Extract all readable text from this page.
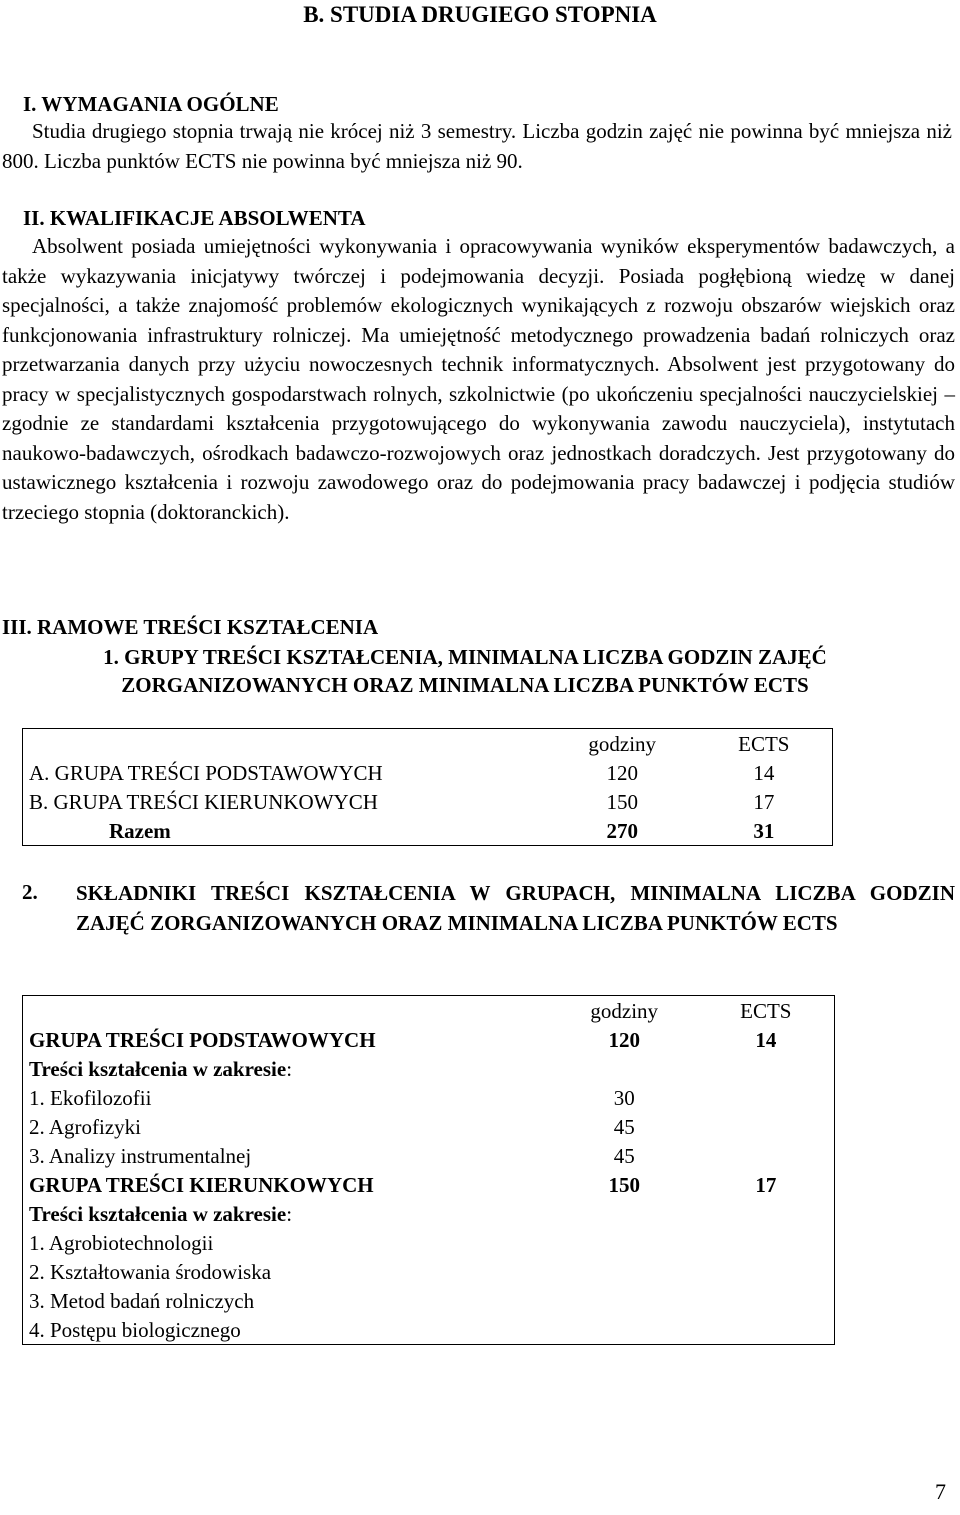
B. STUDIA DRUGIEGO STOPNIA
I. WYMAGANIA OGÓLNE
Studia drugiego stopnia trwają nie krócej niż 3 semestry. Liczba godzin zajęć nie powinna być mniejsza niż 800. Liczba punktów ECTS nie powinna być mniejsza niż 90.
II. KWALIFIKACJE ABSOLWENTA
Absolwent posiada umiejętności wykonywania i opracowywania wyników eksperymentów badawczych, a także wykazywania inicjatywy twórczej i podejmowania decyzji. Posiada pogłębioną wiedzę w danej specjalności, a także znajomość problemów ekologicznych wynikających z rozwoju obszarów wiejskich oraz funkcjonowania infrastruktury rolniczej. Ma umiejętność metodycznego prowadzenia badań rolniczych oraz przetwarzania danych przy użyciu nowoczesnych technik informatycznych. Absolwent jest przygotowany do pracy w specjalistycznych gospodarstwach rolnych, szkolnictwie (po ukończeniu specjalności nauczycielskiej – zgodnie ze standardami kształcenia przygotowującego do wykonywania zawodu nauczyciela), instytutach naukowo-badawczych, ośrodkach badawczo-rozwojowych oraz jednostkach doradczych. Jest przygotowany do ustawicznego kształcenia i rozwoju zawodowego oraz do podejmowania pracy badawczej i podjęcia studiów trzeciego stopnia (doktoranckich).
III. RAMOWE TREŚCI KSZTAŁCENIA
1. GRUPY TREŚCI KSZTAŁCENIA, MINIMALNA LICZBA GODZIN ZAJĘĆ ZORGANIZOWANYCH ORAZ MINIMALNA LICZBA PUNKTÓW ECTS
	godziny	ECTS
A. GRUPA TREŚCI PODSTAWOWYCH	120	14
B. GRUPA TREŚCI KIERUNKOWYCH	150	17
Razem	270	31
2. SKŁADNIKI TREŚCI KSZTAŁCENIA W GRUPACH, MINIMALNA LICZBA GODZIN ZAJĘĆ ZORGANIZOWANYCH ORAZ MINIMALNA LICZBA PUNKTÓW ECTS
	godziny	ECTS
GRUPA TREŚCI PODSTAWOWYCH	120	14
Treści kształcenia w zakresie:		
1. Ekofilozofii	30	
2. Agrofizyki	45	
3. Analizy instrumentalnej	45	
GRUPA TREŚCI KIERUNKOWYCH	150	17
Treści kształcenia w zakresie:		
1. Agrobiotechnologii		
2. Kształtowania środowiska		
3. Metod badań rolniczych		
4. Postępu biologicznego		
7
